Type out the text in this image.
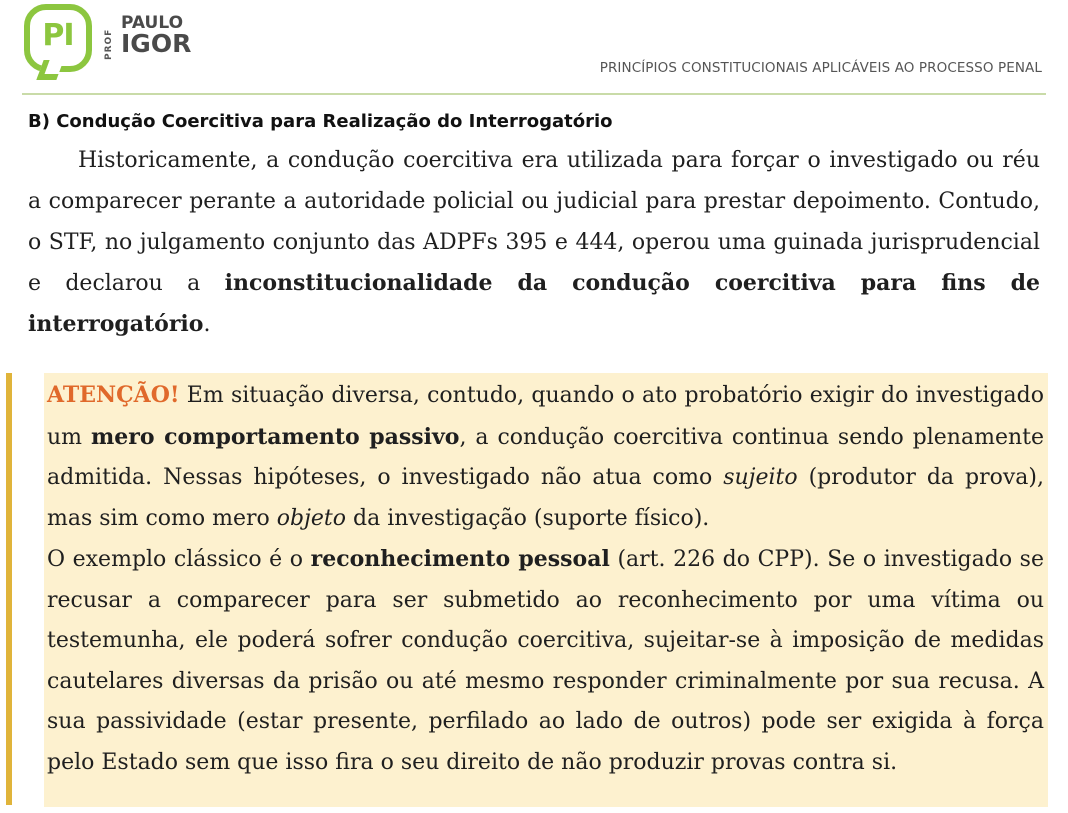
PI	PROF
PAULO
IGOR
PRINCÍPIOS CONSTITUCIONAIS APLICÁVEIS AO PROCESSO PENAL
B) Condução Coercitiva para Realização do Interrogatório

Historicamente, a condução coercitiva era utilizada para forçar o investigado ou réu a comparecer perante a autoridade policial ou judicial para prestar depoimento. Contudo, o STF, no julgamento conjunto das ADPFs 395 e 444, operou uma guinada jurisprudencial e declarou a inconstitucionalidade da condução coercitiva para fins de interrogatório.

ATENÇÃO! Em situação diversa, contudo, quando o ato probatório exigir do investigado um mero comportamento passivo, a condução coercitiva continua sendo plenamente admitida. Nessas hipóteses, o investigado não atua como sujeito (produtor da prova), mas sim como mero objeto da investigação (suporte físico).

O exemplo clássico é o reconhecimento pessoal (art. 226 do CPP). Se o investigado se recusar a comparecer para ser submetido ao reconhecimento por uma vítima ou testemunha, ele poderá sofrer condução coercitiva, sujeitar-se à imposição de medidas cautelares diversas da prisão ou até mesmo responder criminalmente por sua recusa. A sua passividade (estar presente, perfilado ao lado de outros) pode ser exigida à força pelo Estado sem que isso fira o seu direito de não produzir provas contra si.
